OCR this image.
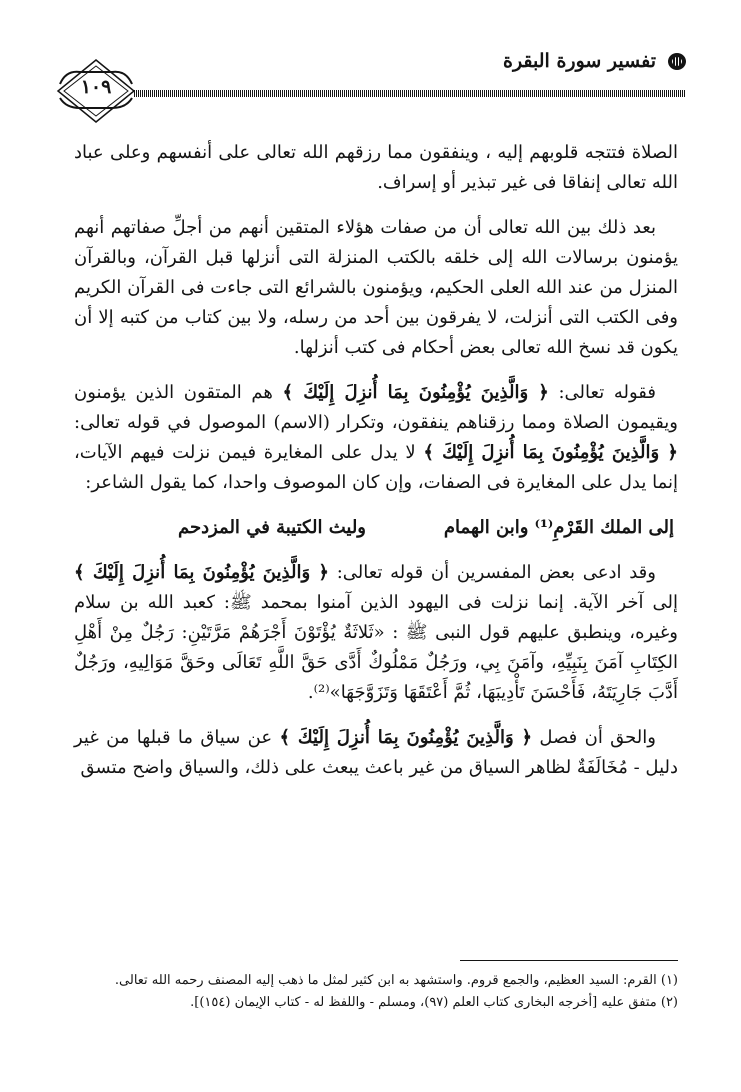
تفسير سورة البقرة
١٠٩

الصلاة فتتجه قلوبهم إليه ، وينفقون مما رزقهم الله تعالى على أنفسهم وعلى عباد الله تعالى إنفاقا فى غير تبذير أو إسراف.

بعد ذلك بين الله تعالى أن من صفات هؤلاء المتقين أنهم من أجلِّ صفاتهم أنهم يؤمنون برسالات الله إلى خلقه بالكتب المنزلة التى أنزلها قبل القرآن، وبالقرآن المنزل من عند الله العلى الحكيم، ويؤمنون بالشرائع التى جاءت فى القرآن الكريم وفى الكتب التى أنزلت، لا يفرقون بين أحد من رسله، ولا بين كتاب من كتبه إلا أن يكون قد نسخ الله تعالى بعض أحكام فى كتب أنزلها.

فقوله تعالى: ﴿ وَالَّذِينَ يُؤْمِنُونَ بِمَا أُنزِلَ إِلَيْكَ ﴾ هم المتقون الذين يؤمنون ويقيمون الصلاة ومما رزقناهم ينفقون، وتكرار (الاسم) الموصول في قوله تعالى: ﴿ وَالَّذِينَ يُؤْمِنُونَ بِمَا أُنزِلَ إِلَيْكَ ﴾ لا يدل على المغايرة فيمن نزلت فيهم الآيات، إنما يدل على المغايرة فى الصفات، وإن كان الموصوف واحدا، كما يقول الشاعر:

إلى الملك القَرْمِ⁽¹⁾ وابن الهمام
وليث الكتيبة في المزدحم

وقد ادعى بعض المفسرين أن قوله تعالى: ﴿ وَالَّذِينَ يُؤْمِنُونَ بِمَا أُنزِلَ إِلَيْكَ ﴾ إلى آخر الآية. إنما نزلت فى اليهود الذين آمنوا بمحمد ﷺ: كعبد الله بن سلام وغيره، وينطبق عليهم قول النبى ﷺ : «ثَلاثَةٌ يُؤْتَوْنَ أَجْرَهُمْ مَرَّتَيْنِ: رَجُلٌ مِنْ أَهْلِ الكِتَابِ آمَنَ بِنَبِيِّهِ، وآمَنَ بِي، ورَجُلٌ مَمْلُوكٌ أَدَّى حَقَّ اللَّهِ تَعَالَى وحَقَّ مَوَالِيهِ، ورَجُلٌ أَدَّبَ جَارِيَتَهُ، فَأَحْسَنَ تَأْدِيبَهَا، ثُمَّ أَعْتَقَهَا وَتَزَوَّجَهَا»⁽²⁾.

والحق أن فصل ﴿ وَالَّذِينَ يُؤْمِنُونَ بِمَا أُنزِلَ إِلَيْكَ ﴾ عن سياق ما قبلها من غير دليل - مُخَالَفَةٌ لظاهر السياق من غير باعث يبعث على ذلك، والسياق واضح متسق

(١) القرم: السيد العظيم، والجمع قروم. واستشهد به ابن كثير لمثل ما ذهب إليه المصنف رحمه الله تعالى.
(٢) متفق عليه [أخرجه البخارى كتاب العلم (٩٧)، ومسلم - واللفظ له - كتاب الإيمان (١٥٤)].
